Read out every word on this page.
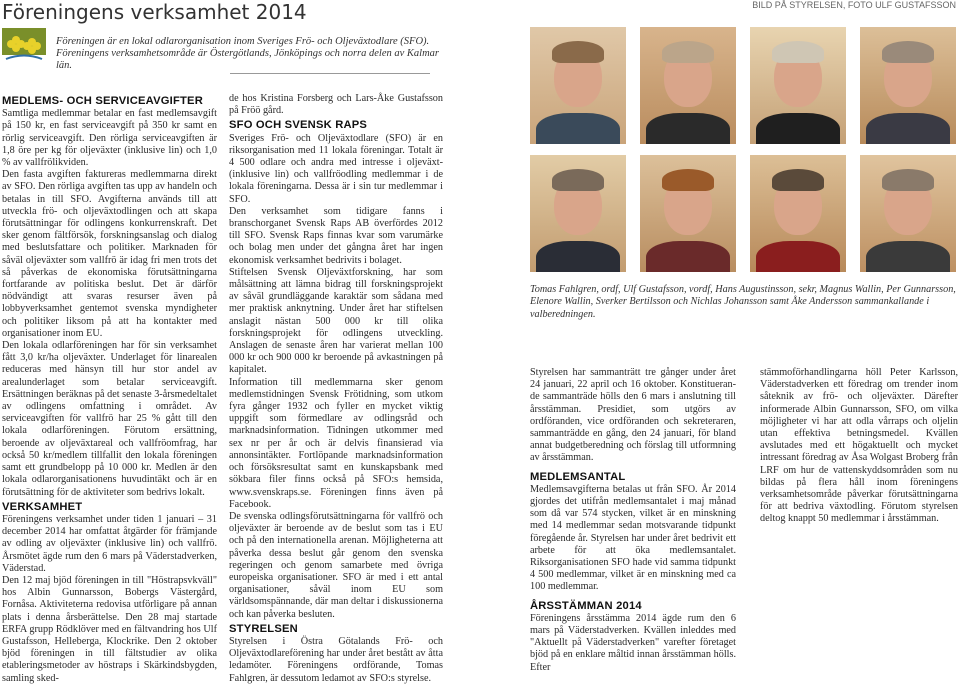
Föreningens verksamhet 2014	BILD PÅ STYRELSEN, FOTO ULF GUSTAFSSON
Föreningen är en lokal odlarorganisation inom Sveriges Frö- och Oljeväxtodlare (SFO). Föreningens verksamhetsområde är Östergötlands, Jönköpings och norra delen av Kalmar län.
MEDLEMS- OCH SERVICEAVGIFTER

Samtliga medlemmar betalar en fast medlemsavgift på 150 kr, en fast serviceavgift på 350 kr samt en rörlig serviceavgift. Den rörliga serviceavgiften är 1,8 öre per kg för oljeväxter (inklusive lin) och 1,0 % av vallfrölikviden.

Den fasta avgiften faktureras medlemmarna direkt av SFO. Den rörliga avgiften tas upp av handeln och betalas in till SFO. Avgifterna används till att utveckla frö- och oljeväxtodlingen och att skapa förutsättningar för odlingens konkurrenskraft. Det sker genom fältförsök, forskningsanslag och dialog med beslutsfattare och politiker. Marknaden för såväl oljeväxter som vallfrö är idag fri men trots det så påverkas de ekonomiska förutsättningarna fortfarande av politiska beslut. Det är därför nödvändigt att svaras resurser även på lobbyverksamhet gentemot svenska myndigheter och politiker liksom på att ha kontakter med organisationer inom EU.

Den lokala odlarföreningen har för sin verksamhet fått 3,0 kr/ha oljeväxter. Underlaget för linarealen reduceras med hänsyn till hur stor andel av arealunderlaget som betalar serviceavgift. Ersättningen beräknas på det senaste 3-årsmedeltalet av odlingens omfattning i området. Av serviceavgiften för vallfrö har 25 % gått till den lokala odlarföreningen. Förutom ersättning, beroende av oljeväxtareal och vallfröomfrag, har också 50 kr/medlem tillfallit den lokala föreningen samt ett grundbelopp på 10 000 kr. Medlen är den lokala odlarorganisationens huvudintäkt och är en förutsättning för de aktiviteter som bedrivs lokalt.

VERKSAMHET

Föreningens verksamhet under tiden 1 januari – 31 december 2014 har omfattat åtgärder för främjande av odling av oljeväxter (inklusive lin) och vallfrö. Årsmötet ägde rum den 6 mars på Väderstadverken, Väderstad.

Den 12 maj bjöd föreningen in till "Höstrapsvkväll" hos Albin Gunnarsson, Bobergs Västergård, Fornåsa. Aktiviteterna redovisa utförligare på annan plats i denna årsberättelse. Den 28 maj startade ERFA grupp Rödklöver med en fältvandring hos Ulf Gustafsson, Helleberga, Klockrike. Den 2 oktober bjöd föreningen in till fältstudier av olika etableringsmetoder av höstraps i Skärkindsbygden, samling sked-

de hos Kristina Forsberg och Lars-Åke Gustafsson på Fröö gård.

SFO OCH SVENSK RAPS

Sveriges Frö- och Oljeväxtodlare (SFO) är en riksorganisation med 11 lokala föreningar. Totalt är 4 500 odlare och andra med intresse i oljeväxt- (inklusive lin) och vallfröodling medlemmar i de lokala föreningarna. Dessa är i sin tur medlemmar i SFO.

Den verksamhet som tidigare fanns i branschorganet Svensk Raps AB överfördes 2012 till SFO. Svensk Raps finnas kvar som varumärke och bolag men under det gångna året har ingen ekonomisk verksamhet bedrivits i bolaget.

Stiftelsen Svensk Oljeväxtforskning, har som målsättning att lämna bidrag till forskningsprojekt av såväl grundläggande karaktär som sådana med mer praktisk anknytning. Under året har stiftelsen anslagit nästan 500 000 kr till olika forskningsprojekt för odlingens utveckling. Anslagen de senaste åren har varierat mellan 100 000 kr och 900 000 kr beroende på avkastningen på kapitalet.

Information till medlemmarna sker genom medlemstidningen Svensk Frötidning, som utkom fyra gånger 1932 och fyller en mycket viktig uppgift som förmedlare av odlingsråd och marknadsinformation. Tidningen utkommer med sex nr per år och är delvis finansierad via annonsintäkter. Fortlöpande marknadsinformation och försöksresultat samt en kunskapsbank med sökbara filer finns också på SFO:s hemsida, www.svenskraps.se. Föreningen finns även på Facebook.

De svenska odlingsförutsättningarna för vallfrö och oljeväxter är beroende av de beslut som tas i EU och på den internationella arenan. Möjligheterna att påverka dessa beslut går genom den svenska regeringen och genom samarbete med övriga europeiska organisationer. SFO är med i ett antal organisationer, såväl inom EU som världsomspännande, där man deltar i diskussionerna och kan påverka besluten.

STYRELSEN

Styrelsen i Östra Götalands Frö- och Oljeväxtodlareförening har under året bestått av åtta ledamöter. Föreningens ordförande, Tomas Fahlgren, är dessutom ledamot av SFO:s styrelse.

Tomas Fahlgren, ordf, Ulf Gustafsson, vordf, Hans Augustinsson, sekr, Magnus Wallin, Per Gunnarsson, Elenore Wallin, Sverker Bertilsson och Nichlas Johansson samt Åke Andersson sammankallande i valberedningen.

Styrelsen har sammanträtt tre gånger under året 24 januari, 22 april och 16 oktober. Konstitueran-de sammanträde hölls den 6 mars i anslutning till årsstämman. Presidiet, som utgörs av ordföranden, vice ordföranden och sekreteraren, sammanträdde en gång, den 24 januari, för bland annat budgetberedning och förslag till utformning av årsstämman.

MEDLEMSANTAL

Medlemsavgifterna betalas ut från SFO. År 2014 gjordes det utifrån medlemsantalet i maj månad som då var 574 stycken, vilket är en minskning med 14 medlemmar sedan motsvarande tidpunkt föregående år. Styrelsen har under året bedrivit ett arbete för att öka medlemsantalet. Riksorganisationen SFO hade vid samma tidpunkt 4 500 medlemmar, vilket är en minskning med ca 100 medlemmar.

ÅRSSTÄMMAN 2014

Föreningens årsstämma 2014 ägde rum den 6 mars på Väderstadverken. Kvällen inleddes med "Aktuellt på Väderstadverken" varefter företaget bjöd på en enklare måltid innan årsstämman hölls. Efter

stämmoförhandlingarna höll Peter Karlsson, Väderstadverken ett föredrag om trender inom såteknik av frö- och oljeväxter. Därefter informerade Albin Gunnarsson, SFO, om vilka möjligheter vi har att odla vårraps och oljelin utan effektiva betningsmedel. Kvällen avslutades med ett högaktuellt och mycket intressant föredrag av Åsa Wolgast Broberg från LRF om hur de vattenskyddsområden som nu bildas på flera håll inom föreningens verksamhetsområde påverkar förutsättningarna för att bedriva växtodling. Förutom styrelsen deltog knappt 50 medlemmar i årsstämman.
